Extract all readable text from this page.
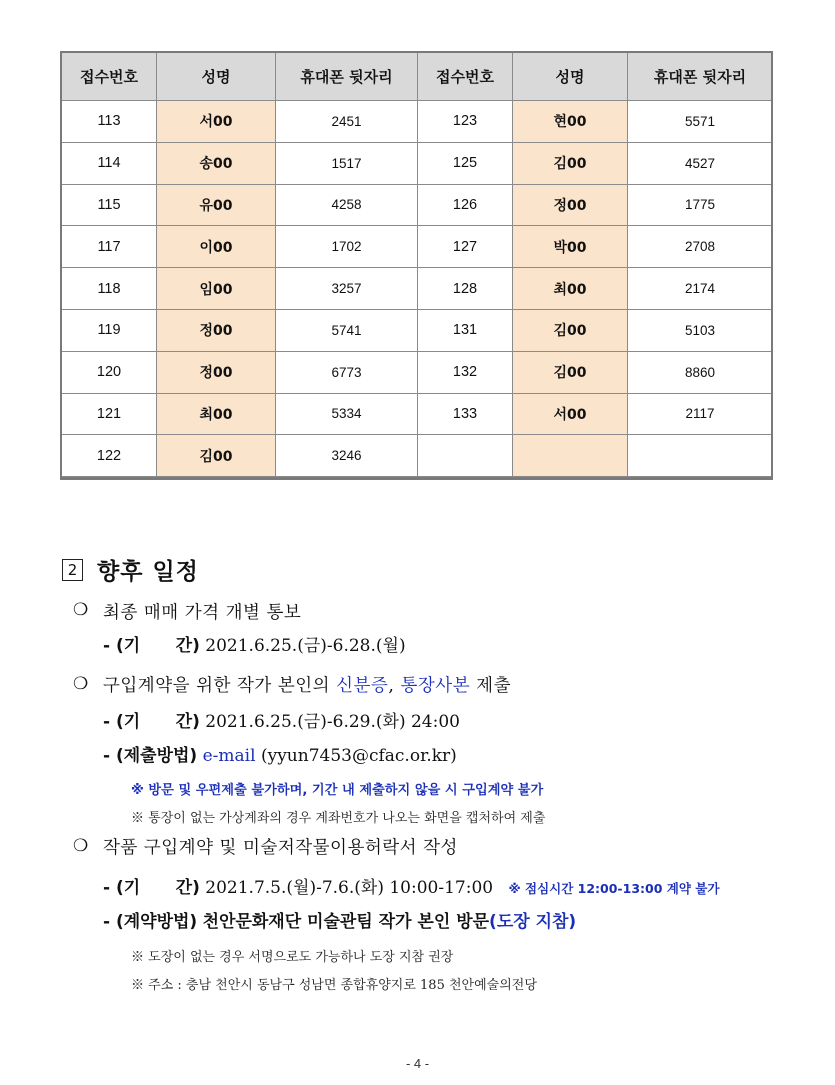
접수번호	성명	휴대폰 뒷자리	접수번호	성명	휴대폰 뒷자리
113	서00	2451	123	현00	5571
114	송00	1517	125	김00	4527
115	유00	4258	126	정00	1775
117	이00	1702	127	박00	2708
118	임00	3257	128	최00	2174
119	정00	5741	131	김00	5103
120	정00	6773	132	김00	8860
121	최00	5334	133	서00	2117
122	김00	3246			
2 향후 일정
❍ 최종 매매 가격 개별 통보
- (기      간) 2021.6.25.(금)-6.28.(월)
❍ 구입계약을 위한 작가 본인의 신분증, 통장사본 제출
- (기      간) 2021.6.25.(금)-6.29.(화) 24:00
- (제출방법) e-mail (yyun7453@cfac.or.kr)
※ 방문 및 우편제출 불가하며, 기간 내 제출하지 않을 시 구입계약 불가
※ 통장이 없는 가상계좌의 경우 계좌번호가 나오는 화면을 캡처하여 제출
❍ 작품 구입계약 및 미술저작물이용허락서 작성
- (기      간) 2021.7.5.(월)-7.6.(화) 10:00-17:00 ※ 점심시간 12:00-13:00 계약 불가
- (계약방법) 천안문화재단 미술관팀 작가 본인 방문(도장 지참)
※ 도장이 없는 경우 서명으로도 가능하나 도장 지참 권장
※ 주소 : 충남 천안시 동남구 성남면 종합휴양지로 185 천안예술의전당
- 4 -
